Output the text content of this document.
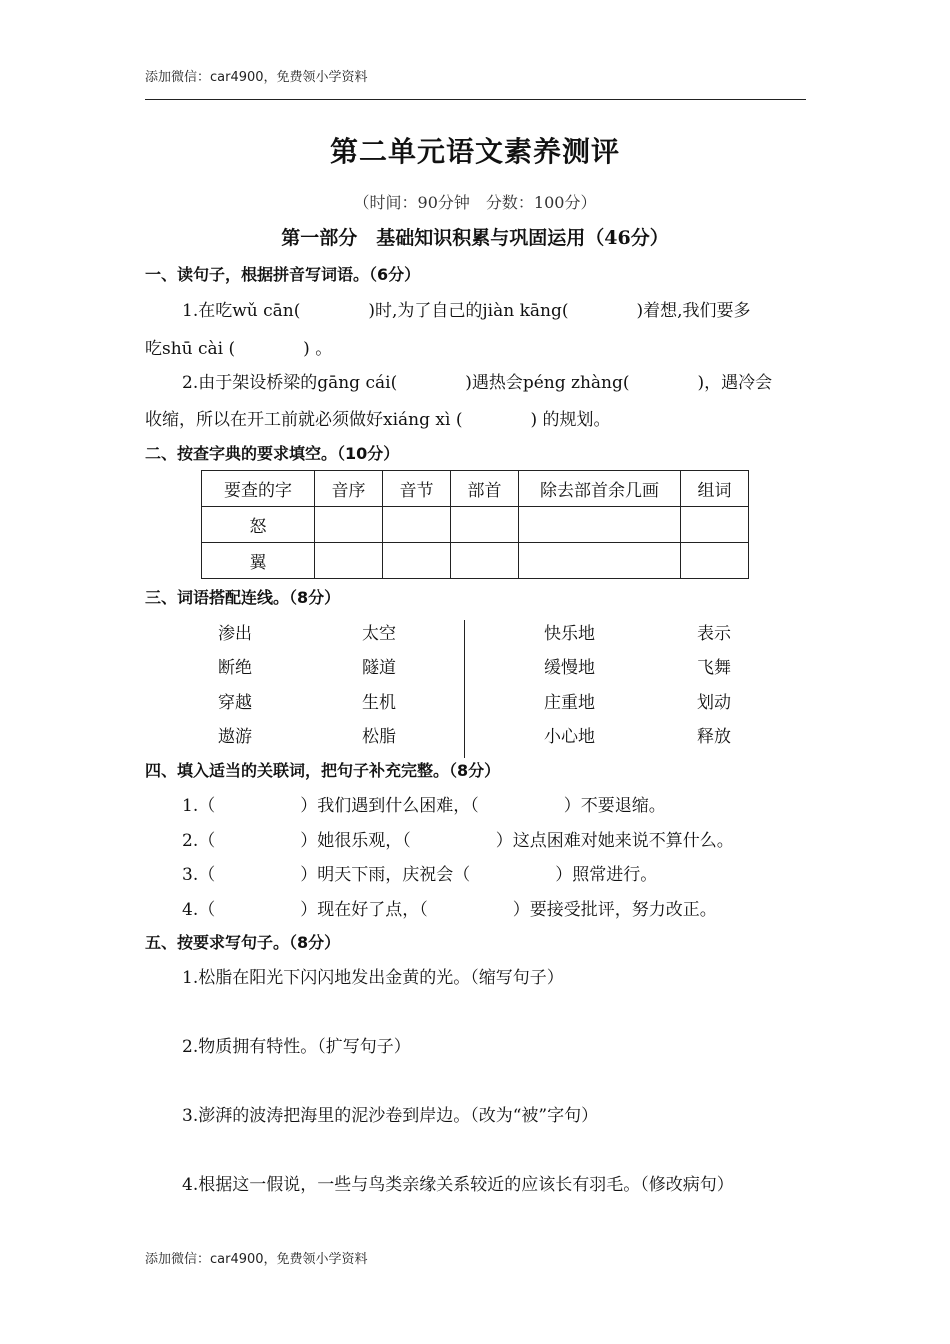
添加微信：car4900，免费领小学资料
第二单元语文素养测评
（时间：90分钟　分数：100分）
第一部分　基础知识积累与巩固运用（46分）
一、读句子，根据拼音写词语。（6分）
1.在吃wǔ cān(　　　　)时,为了自己的jiàn kāng(　　　　)着想,我们要多
吃shū cài (　　　　) 。
2.由于架设桥梁的gāng cái(　　　　)遇热会péng zhàng(　　　　)，遇冷会
收缩，所以在开工前就必须做好xiáng xì (　　　　) 的规划。
二、按查字典的要求填空。（10分）
要查的字	音序	音节	部首	除去部首余几画	组词
怒					
翼					
三、词语搭配连线。（8分）
渗出
断绝
穿越
遨游
太空
隧道
生机
松脂
快乐地
缓慢地
庄重地
小心地
表示
飞舞
划动
释放
四、填入适当的关联词，把句子补充完整。（8分）
1.（　　　　　）我们遇到什么困难，（　　　　　）不要退缩。
2.（　　　　　）她很乐观，（　　　　　）这点困难对她来说不算什么。
3.（　　　　　）明天下雨，庆祝会（　　　　　）照常进行。
4.（　　　　　）现在好了点，（　　　　　）要接受批评，努力改正。
五、按要求写句子。（8分）
1.松脂在阳光下闪闪地发出金黄的光。（缩写句子）
2.物质拥有特性。（扩写句子）
3.澎湃的波涛把海里的泥沙卷到岸边。（改为“被”字句）
4.根据这一假说，一些与鸟类亲缘关系较近的应该长有羽毛。（修改病句）
添加微信：car4900，免费领小学资料
